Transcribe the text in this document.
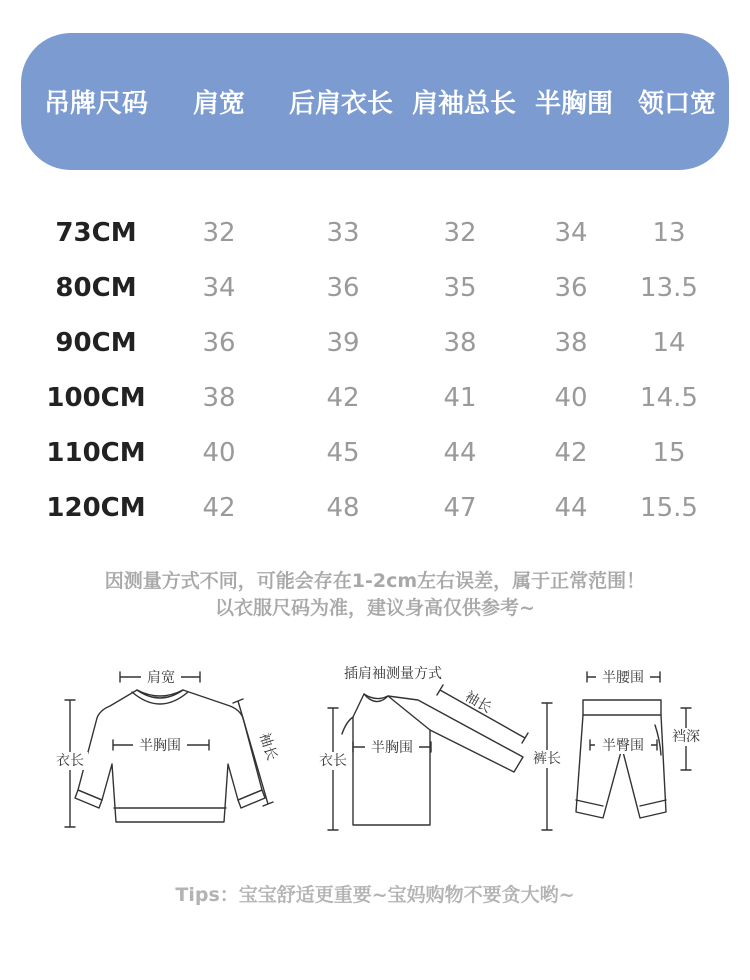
吊牌尺码 肩宽 后肩衣长 肩袖总长 半胸围 领口宽
73CM	32	33	32	34 13
80CM	34	36	35	36 13.5
90CM	36	39	38	38 14
100CM 38	42	41	40 14.5
110CM 40	45	44	42 15
120CM 42	48	47	44 15.5
因测量方式不同，可能会存在1-2cm左右误差，属于正常范围！
以衣服尺码为准，建议身高仅供参考~
肩宽
衣长
半胸围	袖长
插肩袖测量方式
衣长
半胸围
袖长
半腰围
裤长
半臀围
裆深
Tips：宝宝舒适更重要~宝妈购物不要贪大哟~
